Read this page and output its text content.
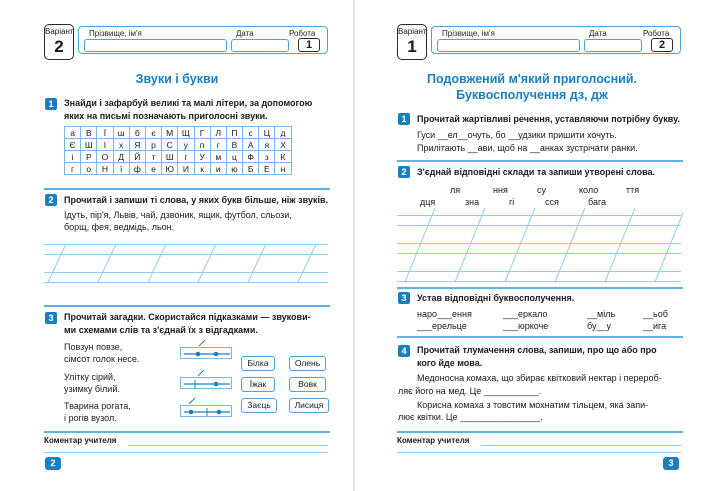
Варіант
2
Прізвище, ім'я	Дата	Робота
1
Звуки і букви
1	Знайди і зафарбуй великі та малі літери, за допомогою
яких на письмі позначають приголосні звуки.
а	В	Ї	ш	б	є	М	Щ	Г	Л	П	с	Ц	д
Є	Ш	І	х	Я	р	С	у	п	г	В	А	я	Х
і	Р	О	Д	Й	т	Ш	г	У	м	ц	Ф	з	К
г	о	Н	ї	ф	е	Ю	И	к	и	ю	Б	Е	н
2	Прочитай і запиши ті слова, у яких букв більше, ніж звуків.
Ідуть, пір'я, Львів, чай, дзвоник, ящик, футбол, сльози,
борщ, фея, ведмідь, льон.
3	Прочитай загадки. Скористайся підказками — звукови-
ми схемами слів та з'єднай їх з відгадками.
Повзун повзе,
сімсот голок несе.
Улітку сірий,
узимку білий.
Тварина рогата,
і рогів вузол.
Білка	Олень
Їжак	Вовк
Заєць	Лисиця
Коментар учителя
2
Варіант
1
Прізвище, ім'я	Дата	Робота
2
Подовжений м'який приголосний.
Буквосполучення дз, дж
1	Прочитай жартівливі речення, уставляючи потрібну букву.
Гуси __ел__очуть, бо __удзики пришити хочуть.
Прилітають __ави, щоб на __анках зустрічати ранки.
2	З'єднай відповідні склади та запиши утворені слова.
ля	ння	су	коло	ття
дця	зна	гі	сся	бага
3	Устав відповідні буквосполучення.
наро___ення	___еркало	__міль	__ьоб
___ерельце	___юркоче	бу__у	__ига
4	Прочитай тлумачення слова, запиши, про що або про
кого йде мова.
Медоносна комаха, що збирає квітковий нектар і перероб-
ляє його на мед. Це ___________.
Корисна комаха з товстим мохнатим тільцем, яка запи-
лює квітки. Це ________________.
Коментар учителя
3
